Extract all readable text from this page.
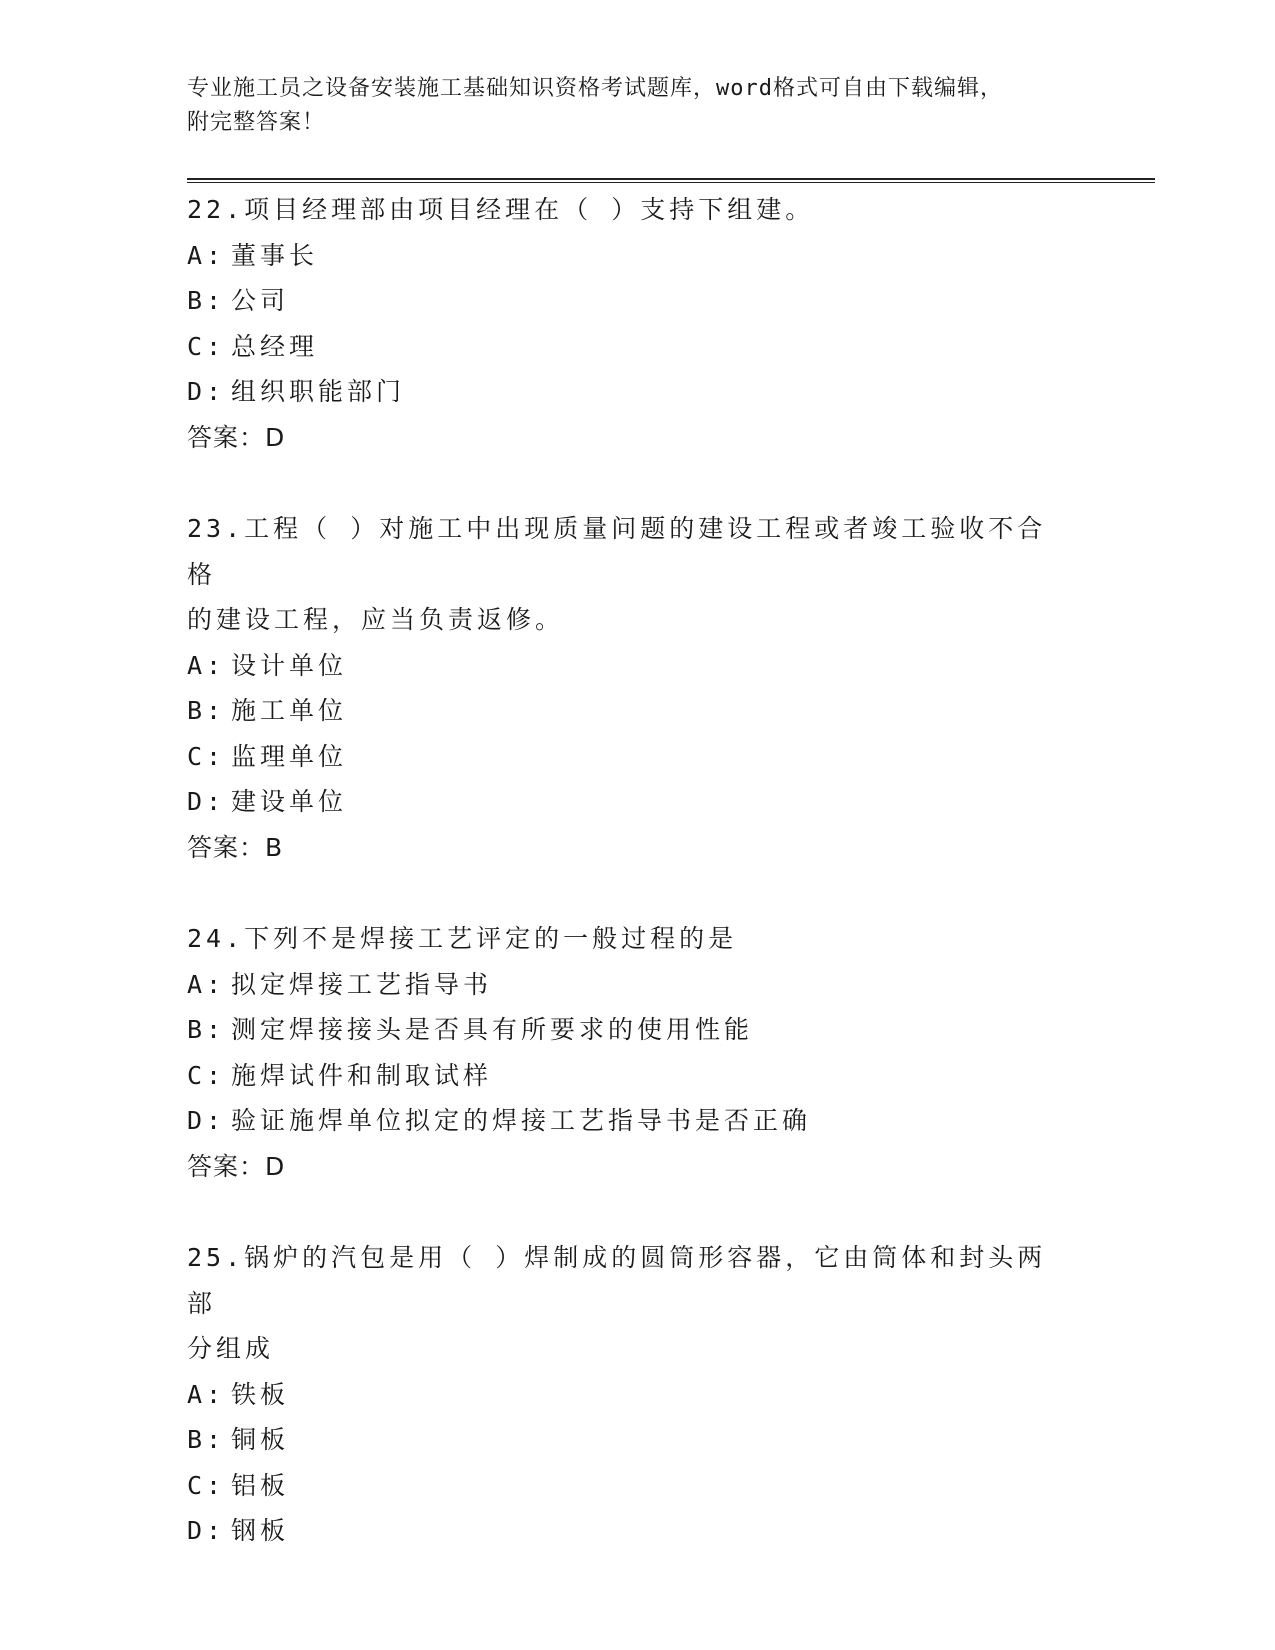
专业施工员之设备安装施工基础知识资格考试题库，word格式可自由下载编辑，
附完整答案！
22.项目经理部由项目经理在（ ）支持下组建。
A: 董事长
B: 公司
C: 总经理
D: 组织职能部门
答案：D
23.工程（ ）对施工中出现质量问题的建设工程或者竣工验收不合格
的建设工程，应当负责返修。
A: 设计单位
B: 施工单位
C: 监理单位
D: 建设单位
答案：B
24.下列不是焊接工艺评定的一般过程的是
A: 拟定焊接工艺指导书
B: 测定焊接接头是否具有所要求的使用性能
C: 施焊试件和制取试样
D: 验证施焊单位拟定的焊接工艺指导书是否正确
答案：D
25.锅炉的汽包是用（ ）焊制成的圆筒形容器，它由筒体和封头两部
分组成
A: 铁板
B: 铜板
C: 铝板
D: 钢板
